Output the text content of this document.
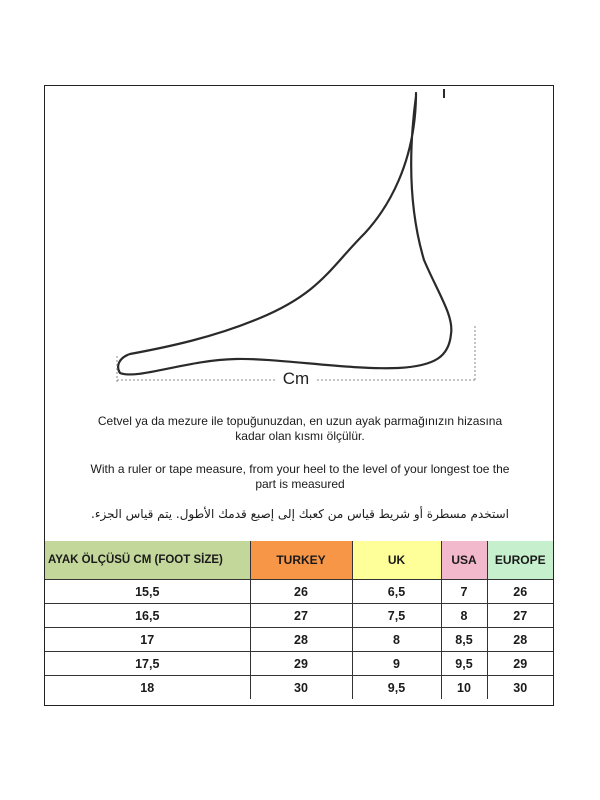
Cm
Cetvel ya da mezure ile topuğunuzdan, en uzun ayak parmağınızın hizasına kadar olan kısmı ölçülür.
With a ruler or tape measure, from your heel to the level of your longest toe the part is measured
استخدم مسطرة أو شريط قياس من كعبك إلى إصبع قدمك الأطول. يتم قياس الجزء.
AYAK ÖLÇÜSÜ CM (FOOT SİZE)	TURKEY	UK	USA	EUROPE
15,5	26	6,5	7	26
16,5	27	7,5	8	27
17	28	8	8,5	28
17,5	29	9	9,5	29
18	30	9,5	10	30
